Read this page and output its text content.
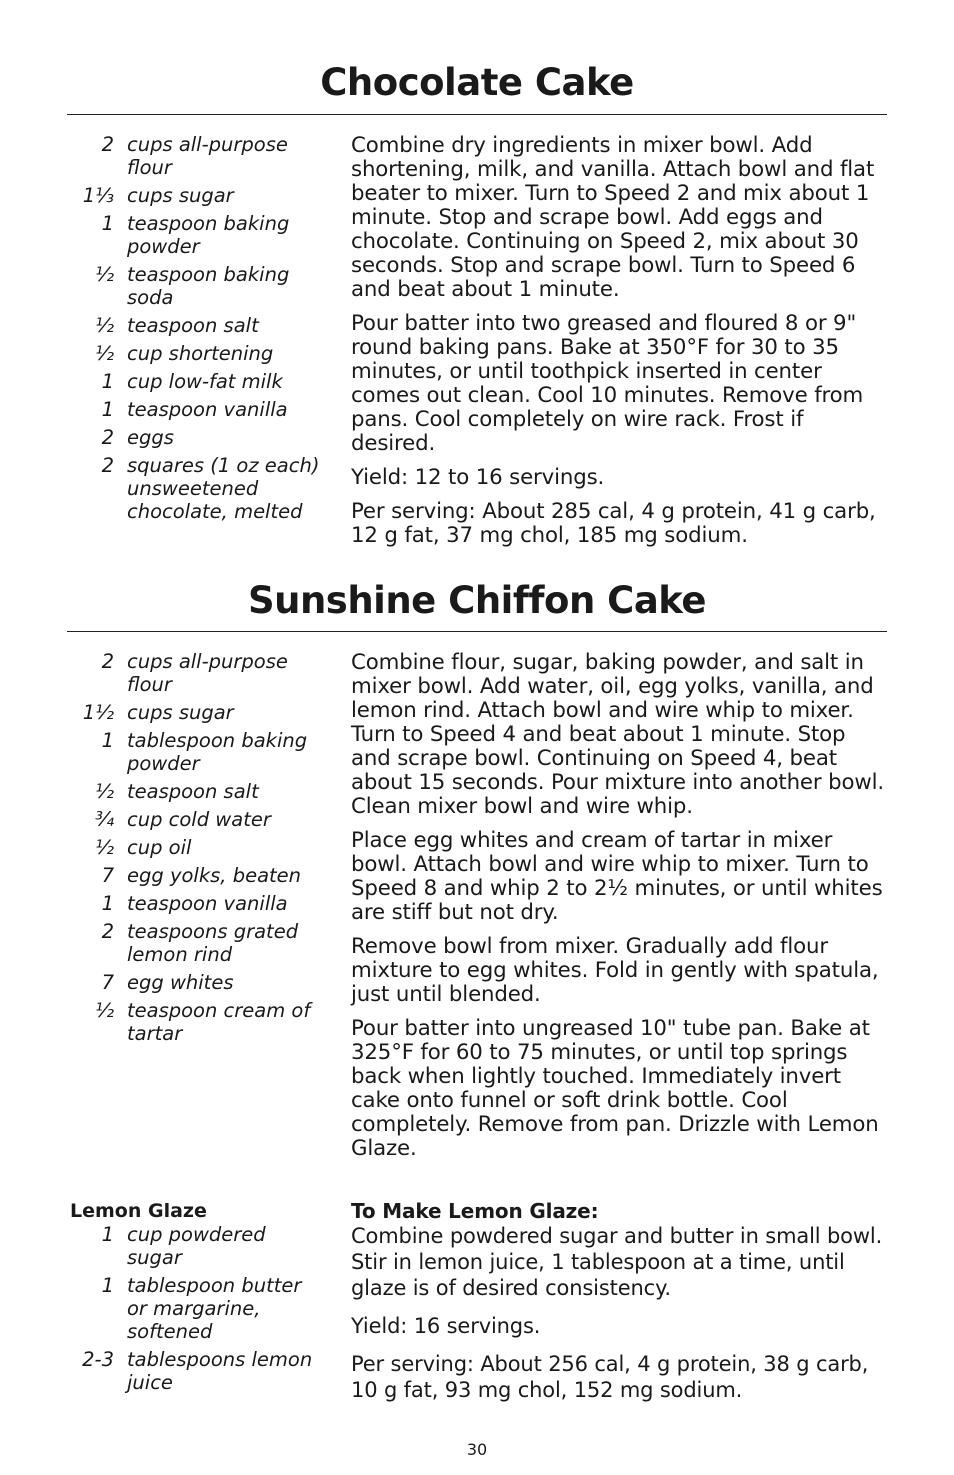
Chocolate Cake
2 cups all-purpose flour
1⅓ cups sugar
1 teaspoon baking powder
½ teaspoon baking soda
½ teaspoon salt
½ cup shortening
1 cup low-fat milk
1 teaspoon vanilla
2 eggs
2 squares (1 oz each) unsweetened chocolate, melted

Combine dry ingredients in mixer bowl. Add shortening, milk, and vanilla. Attach bowl and flat beater to mixer. Turn to Speed 2 and mix about 1 minute. Stop and scrape bowl. Add eggs and chocolate. Continuing on Speed 2, mix about 30 seconds. Stop and scrape bowl. Turn to Speed 6 and beat about 1 minute.

Pour batter into two greased and floured 8 or 9" round baking pans. Bake at 350°F for 30 to 35 minutes, or until toothpick inserted in center comes out clean. Cool 10 minutes. Remove from pans. Cool completely on wire rack. Frost if desired.

Yield: 12 to 16 servings.

Per serving: About 285 cal, 4 g protein, 41 g carb, 12 g fat, 37 mg chol, 185 mg sodium.

Sunshine Chiffon Cake
2 cups all-purpose flour
1½ cups sugar
1 tablespoon baking powder
½ teaspoon salt
¾ cup cold water
½ cup oil
7 egg yolks, beaten
1 teaspoon vanilla
2 teaspoons grated lemon rind
7 egg whites
½ teaspoon cream of tartar

Combine flour, sugar, baking powder, and salt in mixer bowl. Add water, oil, egg yolks, vanilla, and lemon rind. Attach bowl and wire whip to mixer. Turn to Speed 4 and beat about 1 minute. Stop and scrape bowl. Continuing on Speed 4, beat about 15 seconds. Pour mixture into another bowl. Clean mixer bowl and wire whip.

Place egg whites and cream of tartar in mixer bowl. Attach bowl and wire whip to mixer. Turn to Speed 8 and whip 2 to 2½ minutes, or until whites are stiff but not dry.

Remove bowl from mixer. Gradually add flour mixture to egg whites. Fold in gently with spatula, just until blended.

Pour batter into ungreased 10" tube pan. Bake at 325°F for 60 to 75 minutes, or until top springs back when lightly touched. Immediately invert cake onto funnel or soft drink bottle. Cool completely. Remove from pan. Drizzle with Lemon Glaze.

Lemon Glaze
1 cup powdered sugar
1 tablespoon butter or margarine, softened
2-3 tablespoons lemon juice

To Make Lemon Glaze:

Combine powdered sugar and butter in small bowl. Stir in lemon juice, 1 tablespoon at a time, until glaze is of desired consistency.

Yield: 16 servings.

Per serving: About 256 cal, 4 g protein, 38 g carb, 10 g fat, 93 mg chol, 152 mg sodium.

30
